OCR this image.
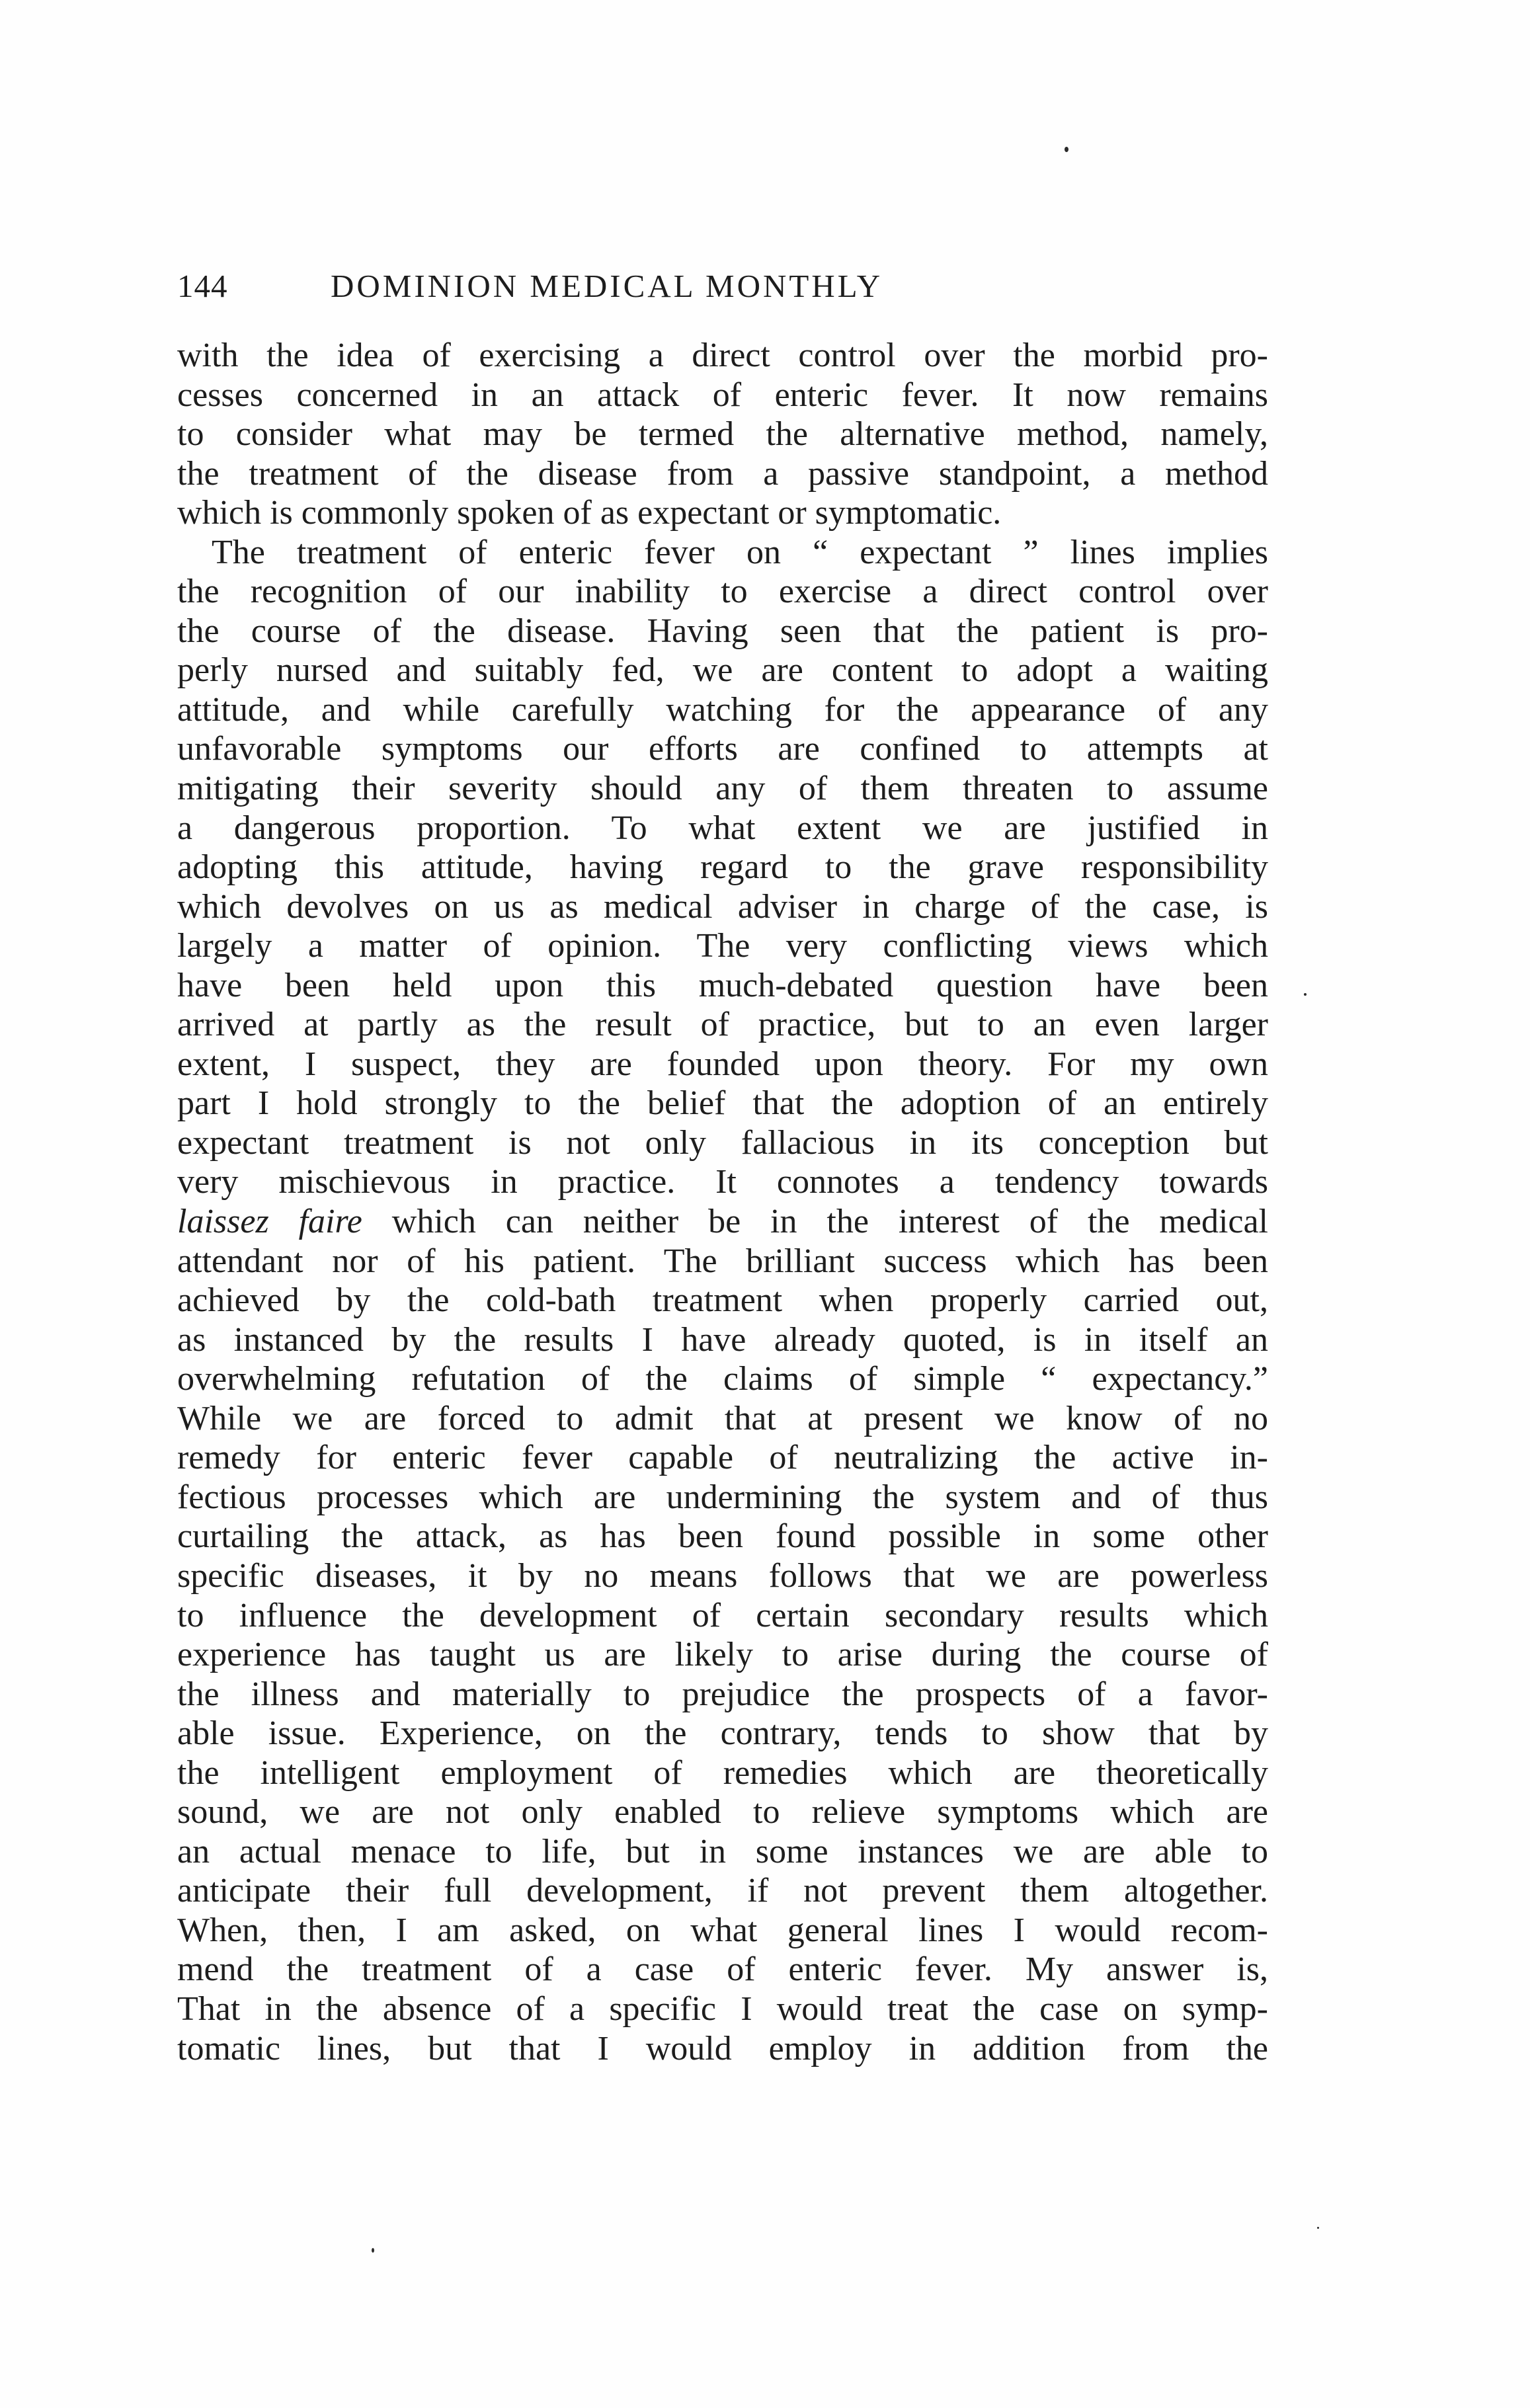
144	DOMINION MEDICAL MONTHLY
with the idea of exercising a direct control over the morbid pro-
cesses concerned in an attack of enteric fever. It now remains
to consider what may be termed the alternative method, namely,
the treatment of the disease from a passive standpoint, a method
which is commonly spoken of as expectant or symptomatic.
The treatment of enteric fever on “ expectant ” lines implies
the recognition of our inability to exercise a direct control over
the course of the disease. Having seen that the patient is pro-
perly nursed and suitably fed, we are content to adopt a waiting
attitude, and while carefully watching for the appearance of any
unfavorable symptoms our efforts are confined to attempts at
mitigating their severity should any of them threaten to assume
a dangerous proportion. To what extent we are justified in
adopting this attitude, having regard to the grave responsibility
which devolves on us as medical adviser in charge of the case, is
largely a matter of opinion. The very conflicting views which
have been held upon this much-debated question have been
arrived at partly as the result of practice, but to an even larger
extent, I suspect, they are founded upon theory. For my own
part I hold strongly to the belief that the adoption of an entirely
expectant treatment is not only fallacious in its conception but
very mischievous in practice. It connotes a tendency towards
laissez faire which can neither be in the interest of the medical
attendant nor of his patient. The brilliant success which has been
achieved by the cold-bath treatment when properly carried out,
as instanced by the results I have already quoted, is in itself an
overwhelming refutation of the claims of simple “ expectancy.”
While we are forced to admit that at present we know of no
remedy for enteric fever capable of neutralizing the active in-
fectious processes which are undermining the system and of thus
curtailing the attack, as has been found possible in some other
specific diseases, it by no means follows that we are powerless
to influence the development of certain secondary results which
experience has taught us are likely to arise during the course of
the illness and materially to prejudice the prospects of a favor-
able issue. Experience, on the contrary, tends to show that by
the intelligent employment of remedies which are theoretically
sound, we are not only enabled to relieve symptoms which are
an actual menace to life, but in some instances we are able to
anticipate their full development, if not prevent them altogether.
When, then, I am asked, on what general lines I would recom-
mend the treatment of a case of enteric fever. My answer is,
That in the absence of a specific I would treat the case on symp-
tomatic lines, but that I would employ in addition from the
